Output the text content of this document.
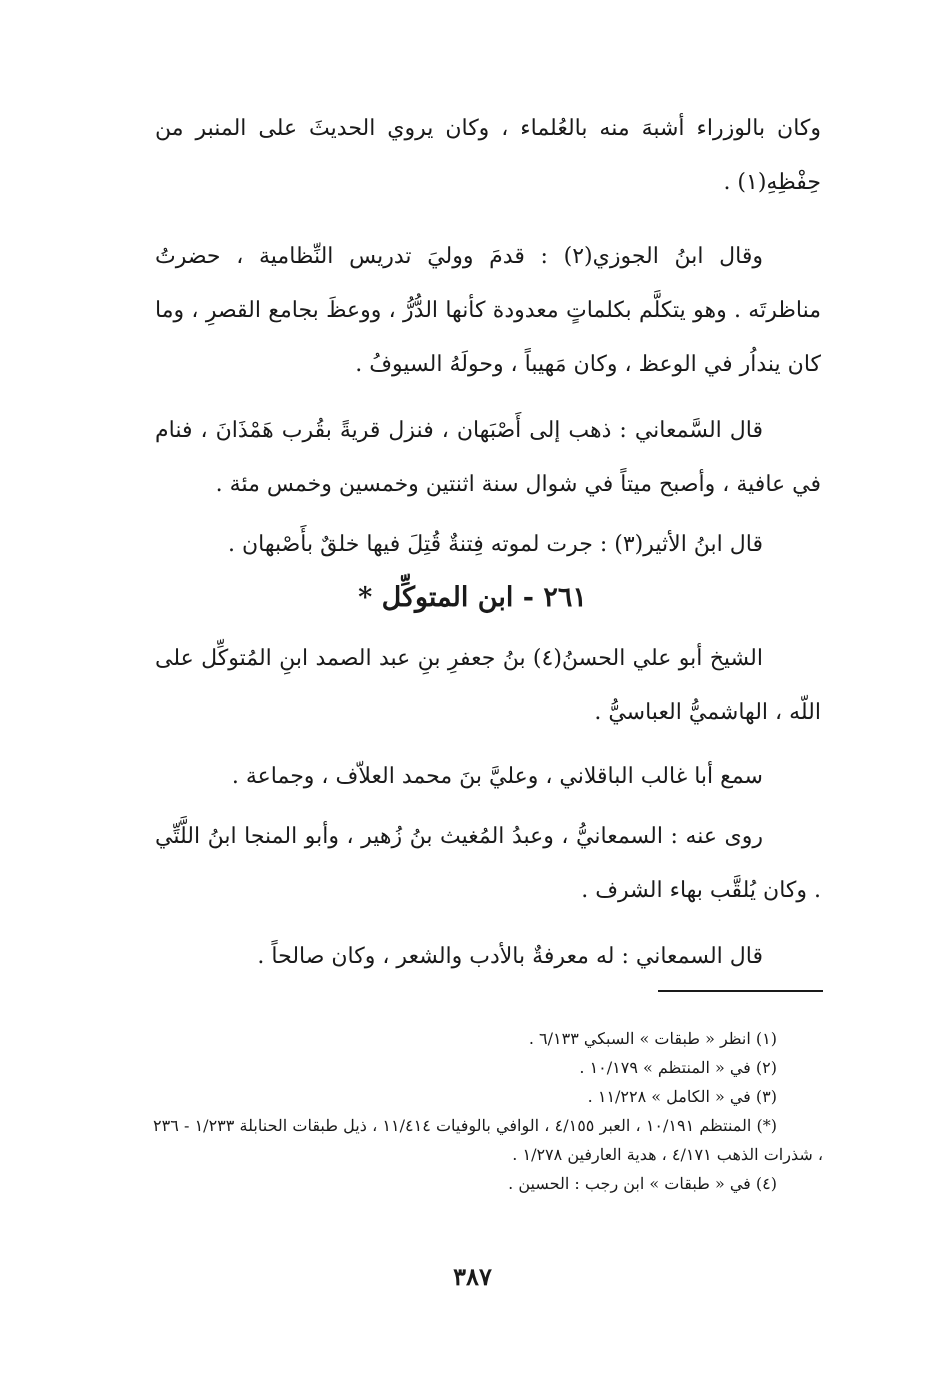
وكان بالوزراء أشبهَ منه بالعُلماء ، وكان يروي الحديثَ على المنبر من حِفْظِهِ(١) .

وقال ابنُ الجوزي(٢) : قدمَ ووليَ تدريس النِّظامية ، حضرتُ مناظرتَه . وهو يتكلَّم بكلماتٍ معدودة كأنها الدُّرُّ ، ووعظَ بجامع القصرِ ، وما كان ينداُر في الوعظ ، وكان مَهيباً ، وحولَهُ السيوفُ .

قال السَّمعاني : ذهب إلى أَصْبَهان ، فنزل قريةً بقُرب هَمْذَانَ ، فنام في عافية ، وأصبح ميتاً في شوال سنة اثنتين وخمسين وخمس مئة .

قال ابنُ الأثير(٣) : جرت لموته فِتنةٌ قُتِلَ فيها خلقٌ بأَصْبهان .

٢٦١ - ابن المتوكِّل *

الشيخ أبو علي الحسنُ(٤) بنُ جعفرِ بنِ عبد الصمد ابنِ المُتوكِّل على اللّه ، الهاشميُّ العباسيُّ .

سمع أبا غالب الباقلاني ، وعليَّ بنَ محمد العلاّف ، وجماعة .

روى عنه : السمعانيُّ ، وعبدُ المُغيث بنُ زُهير ، وأبو المنجا ابنُ اللَّتِّي . وكان يُلقَّب بهاء الشرف .

قال السمعاني : له معرفةٌ بالأدب والشعر ، وكان صالحاً .

(١) انظر « طبقات » السبكي ٦/١٣٣ .

(٢) في « المنتظم » ١٠/١٧٩ .

(٣) في « الكامل » ١١/٢٢٨ .

(*) المنتظم ١٠/١٩١ ، العبر ٤/١٥٥ ، الوافي بالوفيات ١١/٤١٤ ، ذيل طبقات الحنابلة ١/٢٣٣ - ٢٣٦ ، شذرات الذهب ٤/١٧١ ، هدية العارفين ١/٢٧٨ .

(٤) في « طبقات » ابن رجب : الحسين .

٣٨٧
